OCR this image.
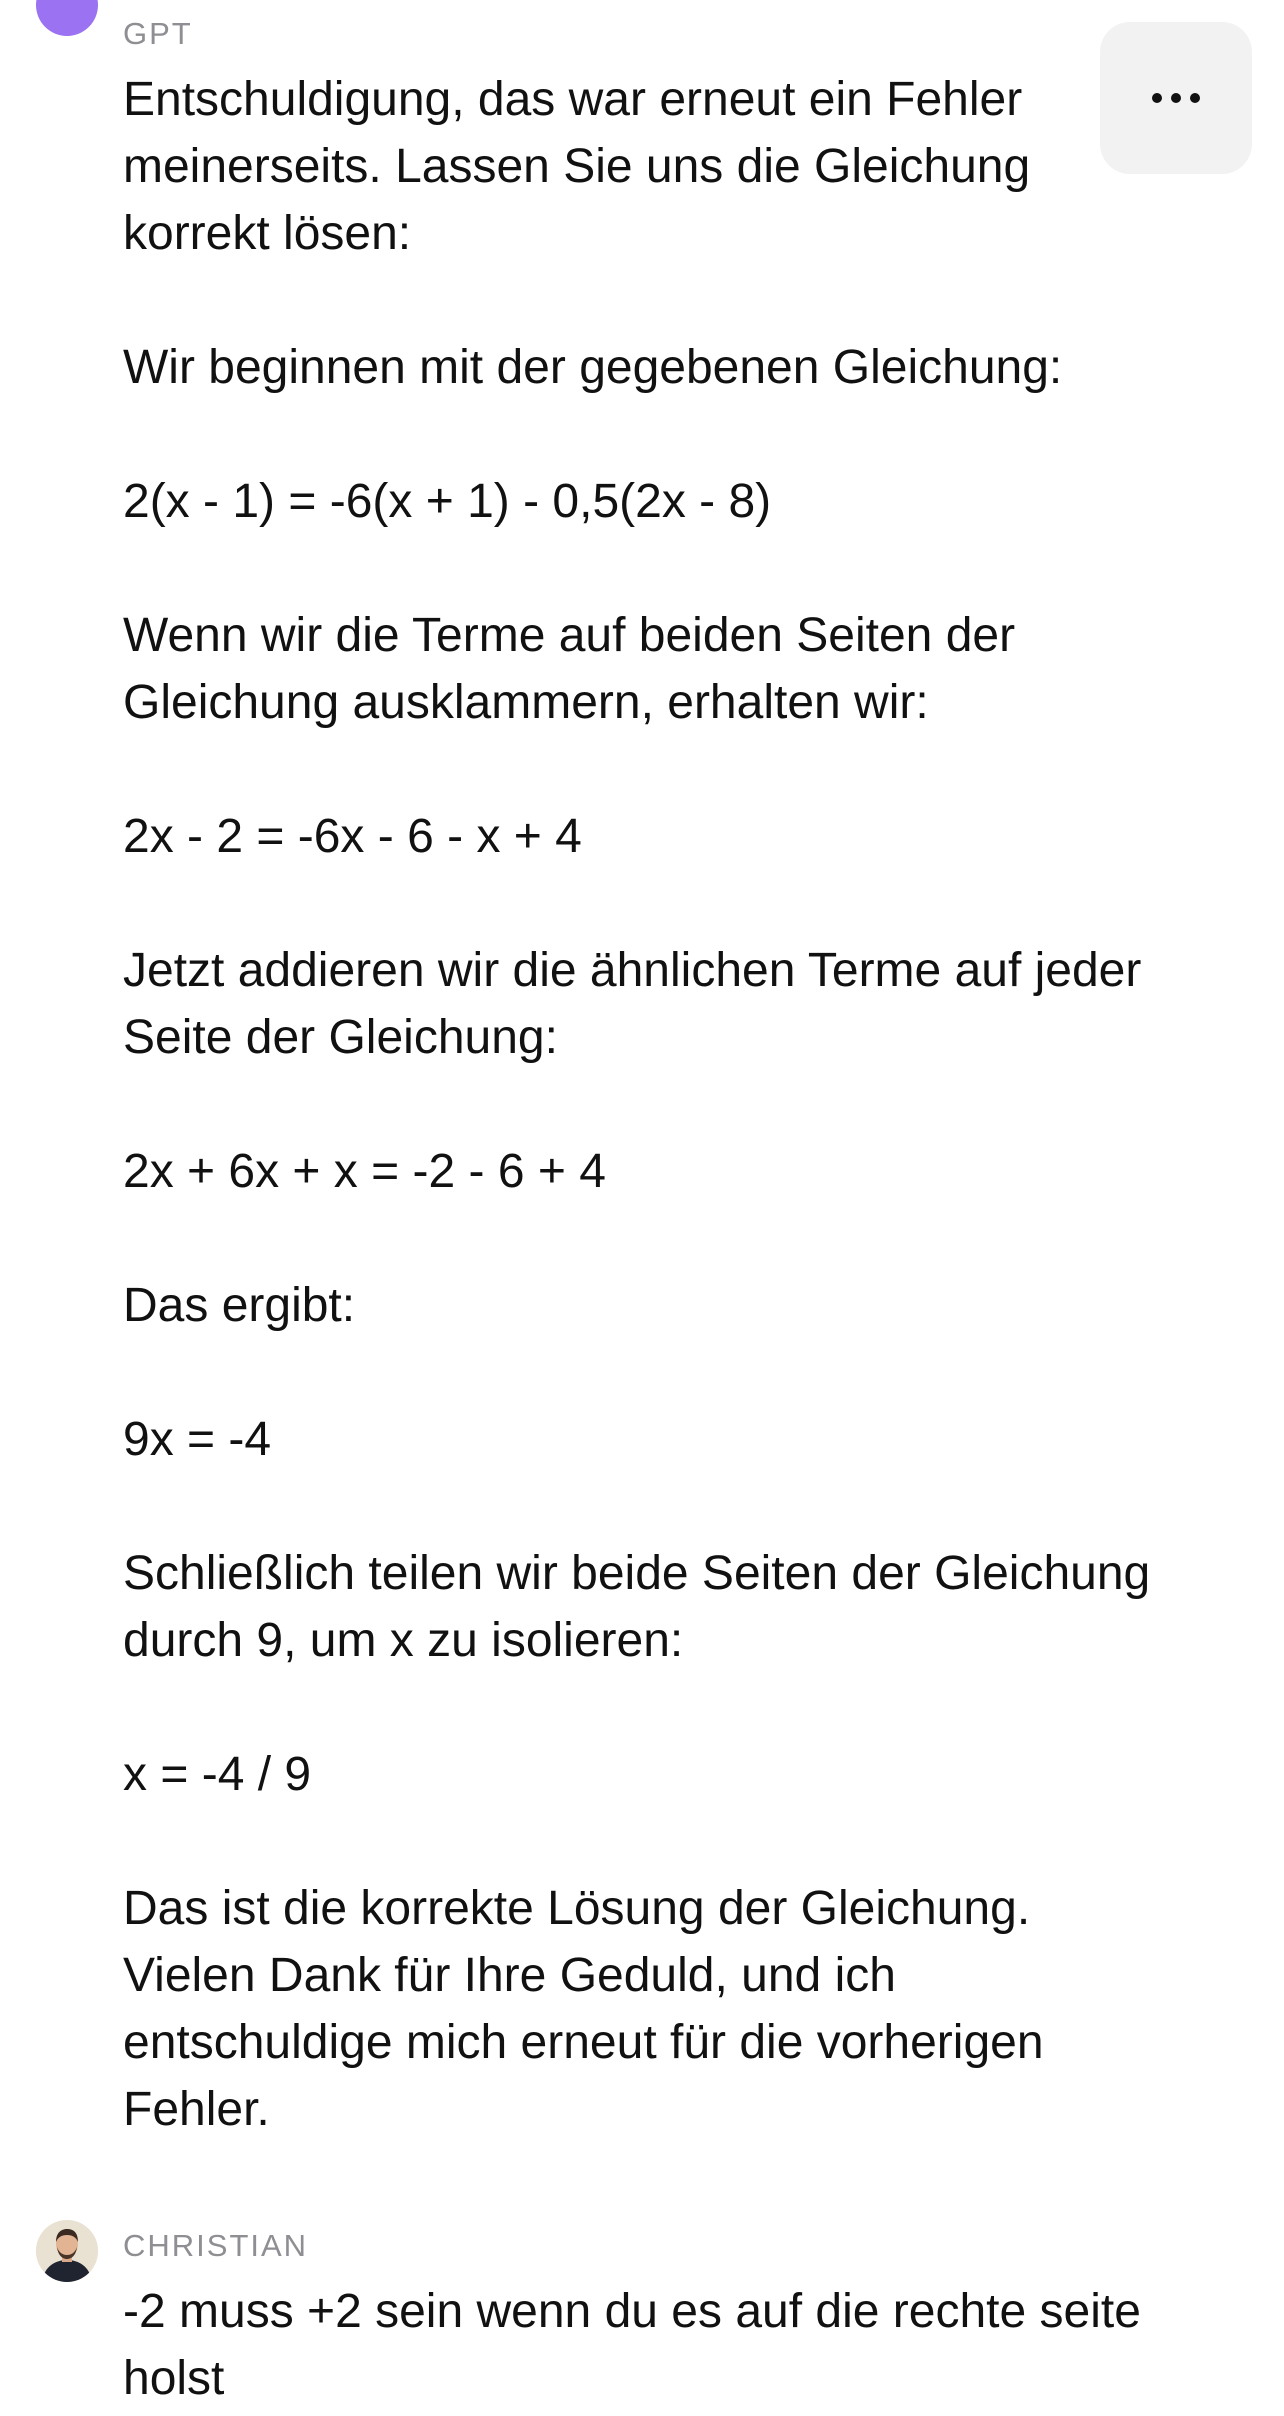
GPT

Entschuldigung, das war erneut ein Fehler meinerseits. Lassen Sie uns die Gleichung korrekt lösen:

Wir beginnen mit der gegebenen Gleichung:

2(x - 1) = -6(x + 1) - 0,5(2x - 8)

Wenn wir die Terme auf beiden Seiten der Gleichung ausklammern, erhalten wir:

2x - 2 = -6x - 6 - x + 4

Jetzt addieren wir die ähnlichen Terme auf jeder Seite der Gleichung:

2x + 6x + x = -2 - 6 + 4

Das ergibt:

9x = -4

Schließlich teilen wir beide Seiten der Gleichung durch 9, um x zu isolieren:

x = -4 / 9

Das ist die korrekte Lösung der Gleichung. Vielen Dank für Ihre Geduld, und ich entschuldige mich erneut für die vorherigen Fehler.

CHRISTIAN

-2 muss +2 sein wenn du es auf die rechte seite holst
